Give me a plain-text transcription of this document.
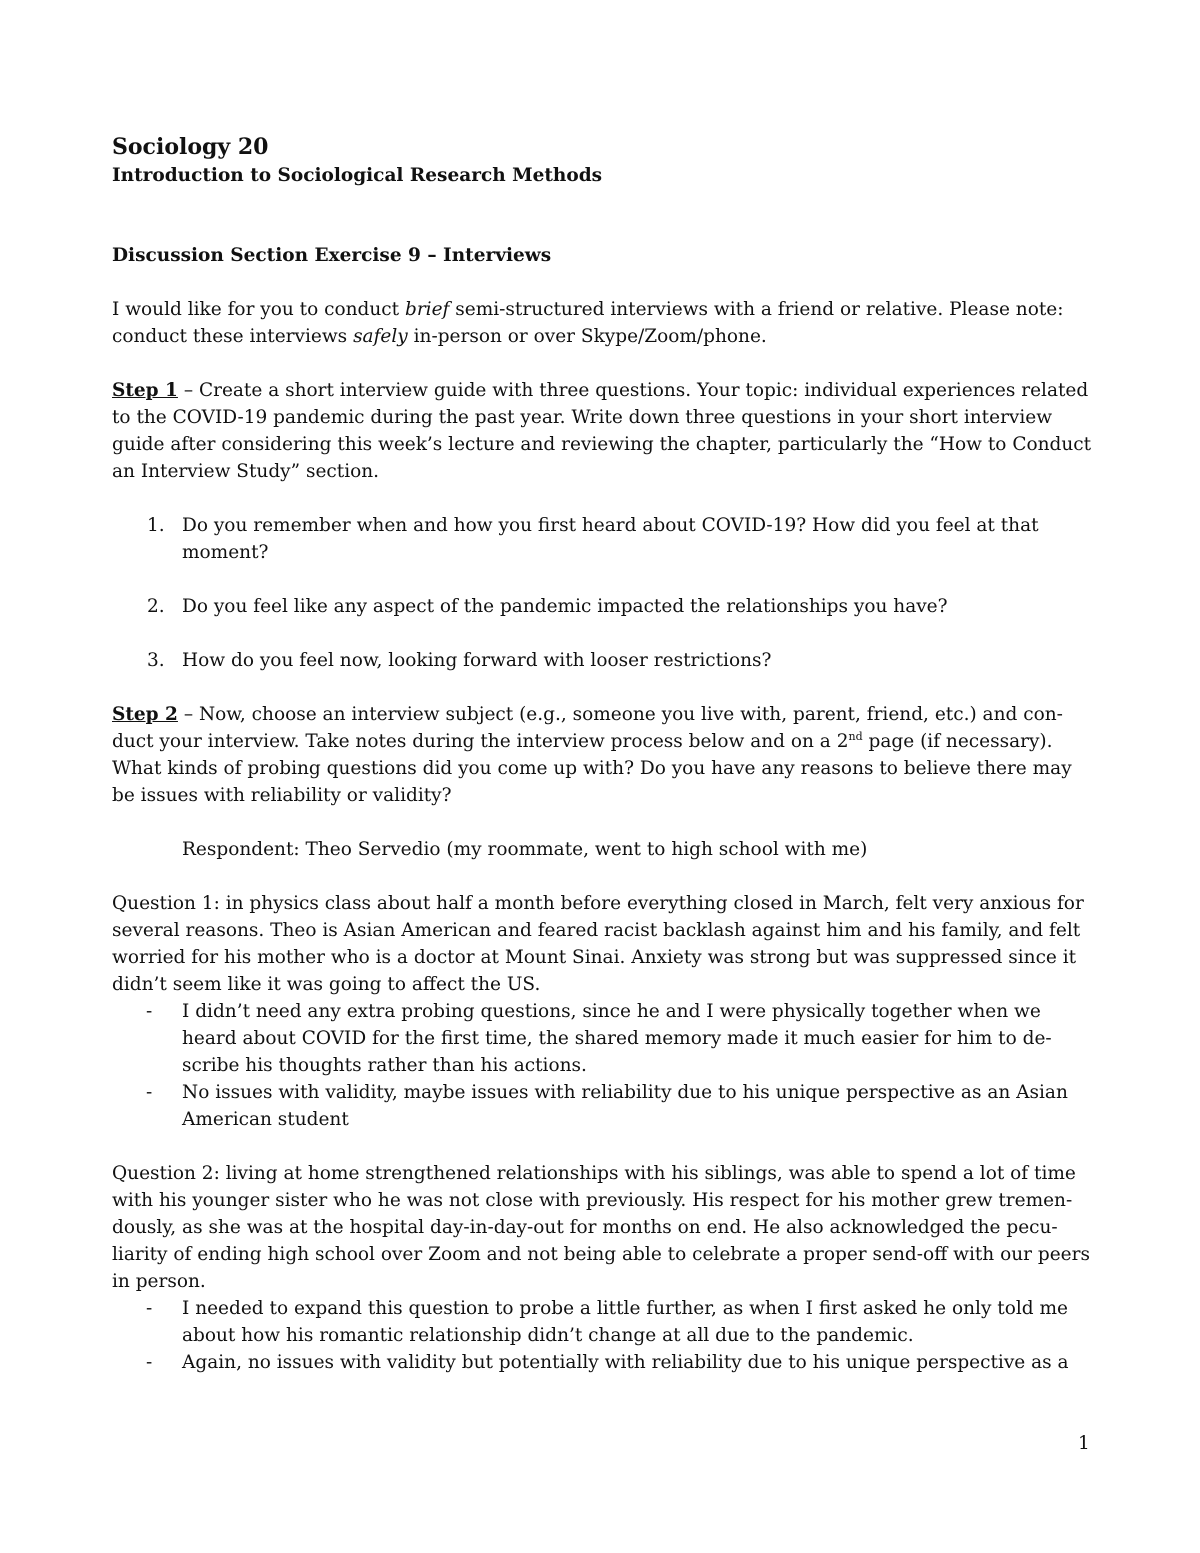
Sociology 20

Introduction to Sociological Research Methods

Discussion Section Exercise 9 – Interviews

I would like for you to conduct brief semi-structured interviews with a friend or relative. Please note: conduct these interviews safely in-person or over Skype/Zoom/phone.

Step 1 – Create a short interview guide with three questions. Your topic: individual experiences related to the COVID-19 pandemic during the past year. Write down three questions in your short interview guide after considering this week’s lecture and reviewing the chapter, particularly the “How to Conduct an Interview Study” section.

1. Do you remember when and how you first heard about COVID-19? How did you feel at that moment?
2. Do you feel like any aspect of the pandemic impacted the relationships you have?
3. How do you feel now, looking forward with looser restrictions?

Step 2 – Now, choose an interview subject (e.g., someone you live with, parent, friend, etc.) and con-duct your interview. Take notes during the interview process below and on a 2nd page (if necessary). What kinds of probing questions did you come up with? Do you have any reasons to believe there may be issues with reliability or validity?

Respondent: Theo Servedio (my roommate, went to high school with me)

Question 1: in physics class about half a month before everything closed in March, felt very anxious for several reasons. Theo is Asian American and feared racist backlash against him and his family, and felt worried for his mother who is a doctor at Mount Sinai. Anxiety was strong but was suppressed since it didn’t seem like it was going to affect the US.

- I didn’t need any extra probing questions, since he and I were physically together when we heard about COVID for the first time, the shared memory made it much easier for him to de-scribe his thoughts rather than his actions.
- No issues with validity, maybe issues with reliability due to his unique perspective as an Asian American student

Question 2: living at home strengthened relationships with his siblings, was able to spend a lot of time with his younger sister who he was not close with previously. His respect for his mother grew tremen-dously, as she was at the hospital day-in-day-out for months on end. He also acknowledged the pecu-liarity of ending high school over Zoom and not being able to celebrate a proper send-off with our peers in person.

- I needed to expand this question to probe a little further, as when I first asked he only told me about how his romantic relationship didn’t change at all due to the pandemic.
- Again, no issues with validity but potentially with reliability due to his unique perspective as a
1
